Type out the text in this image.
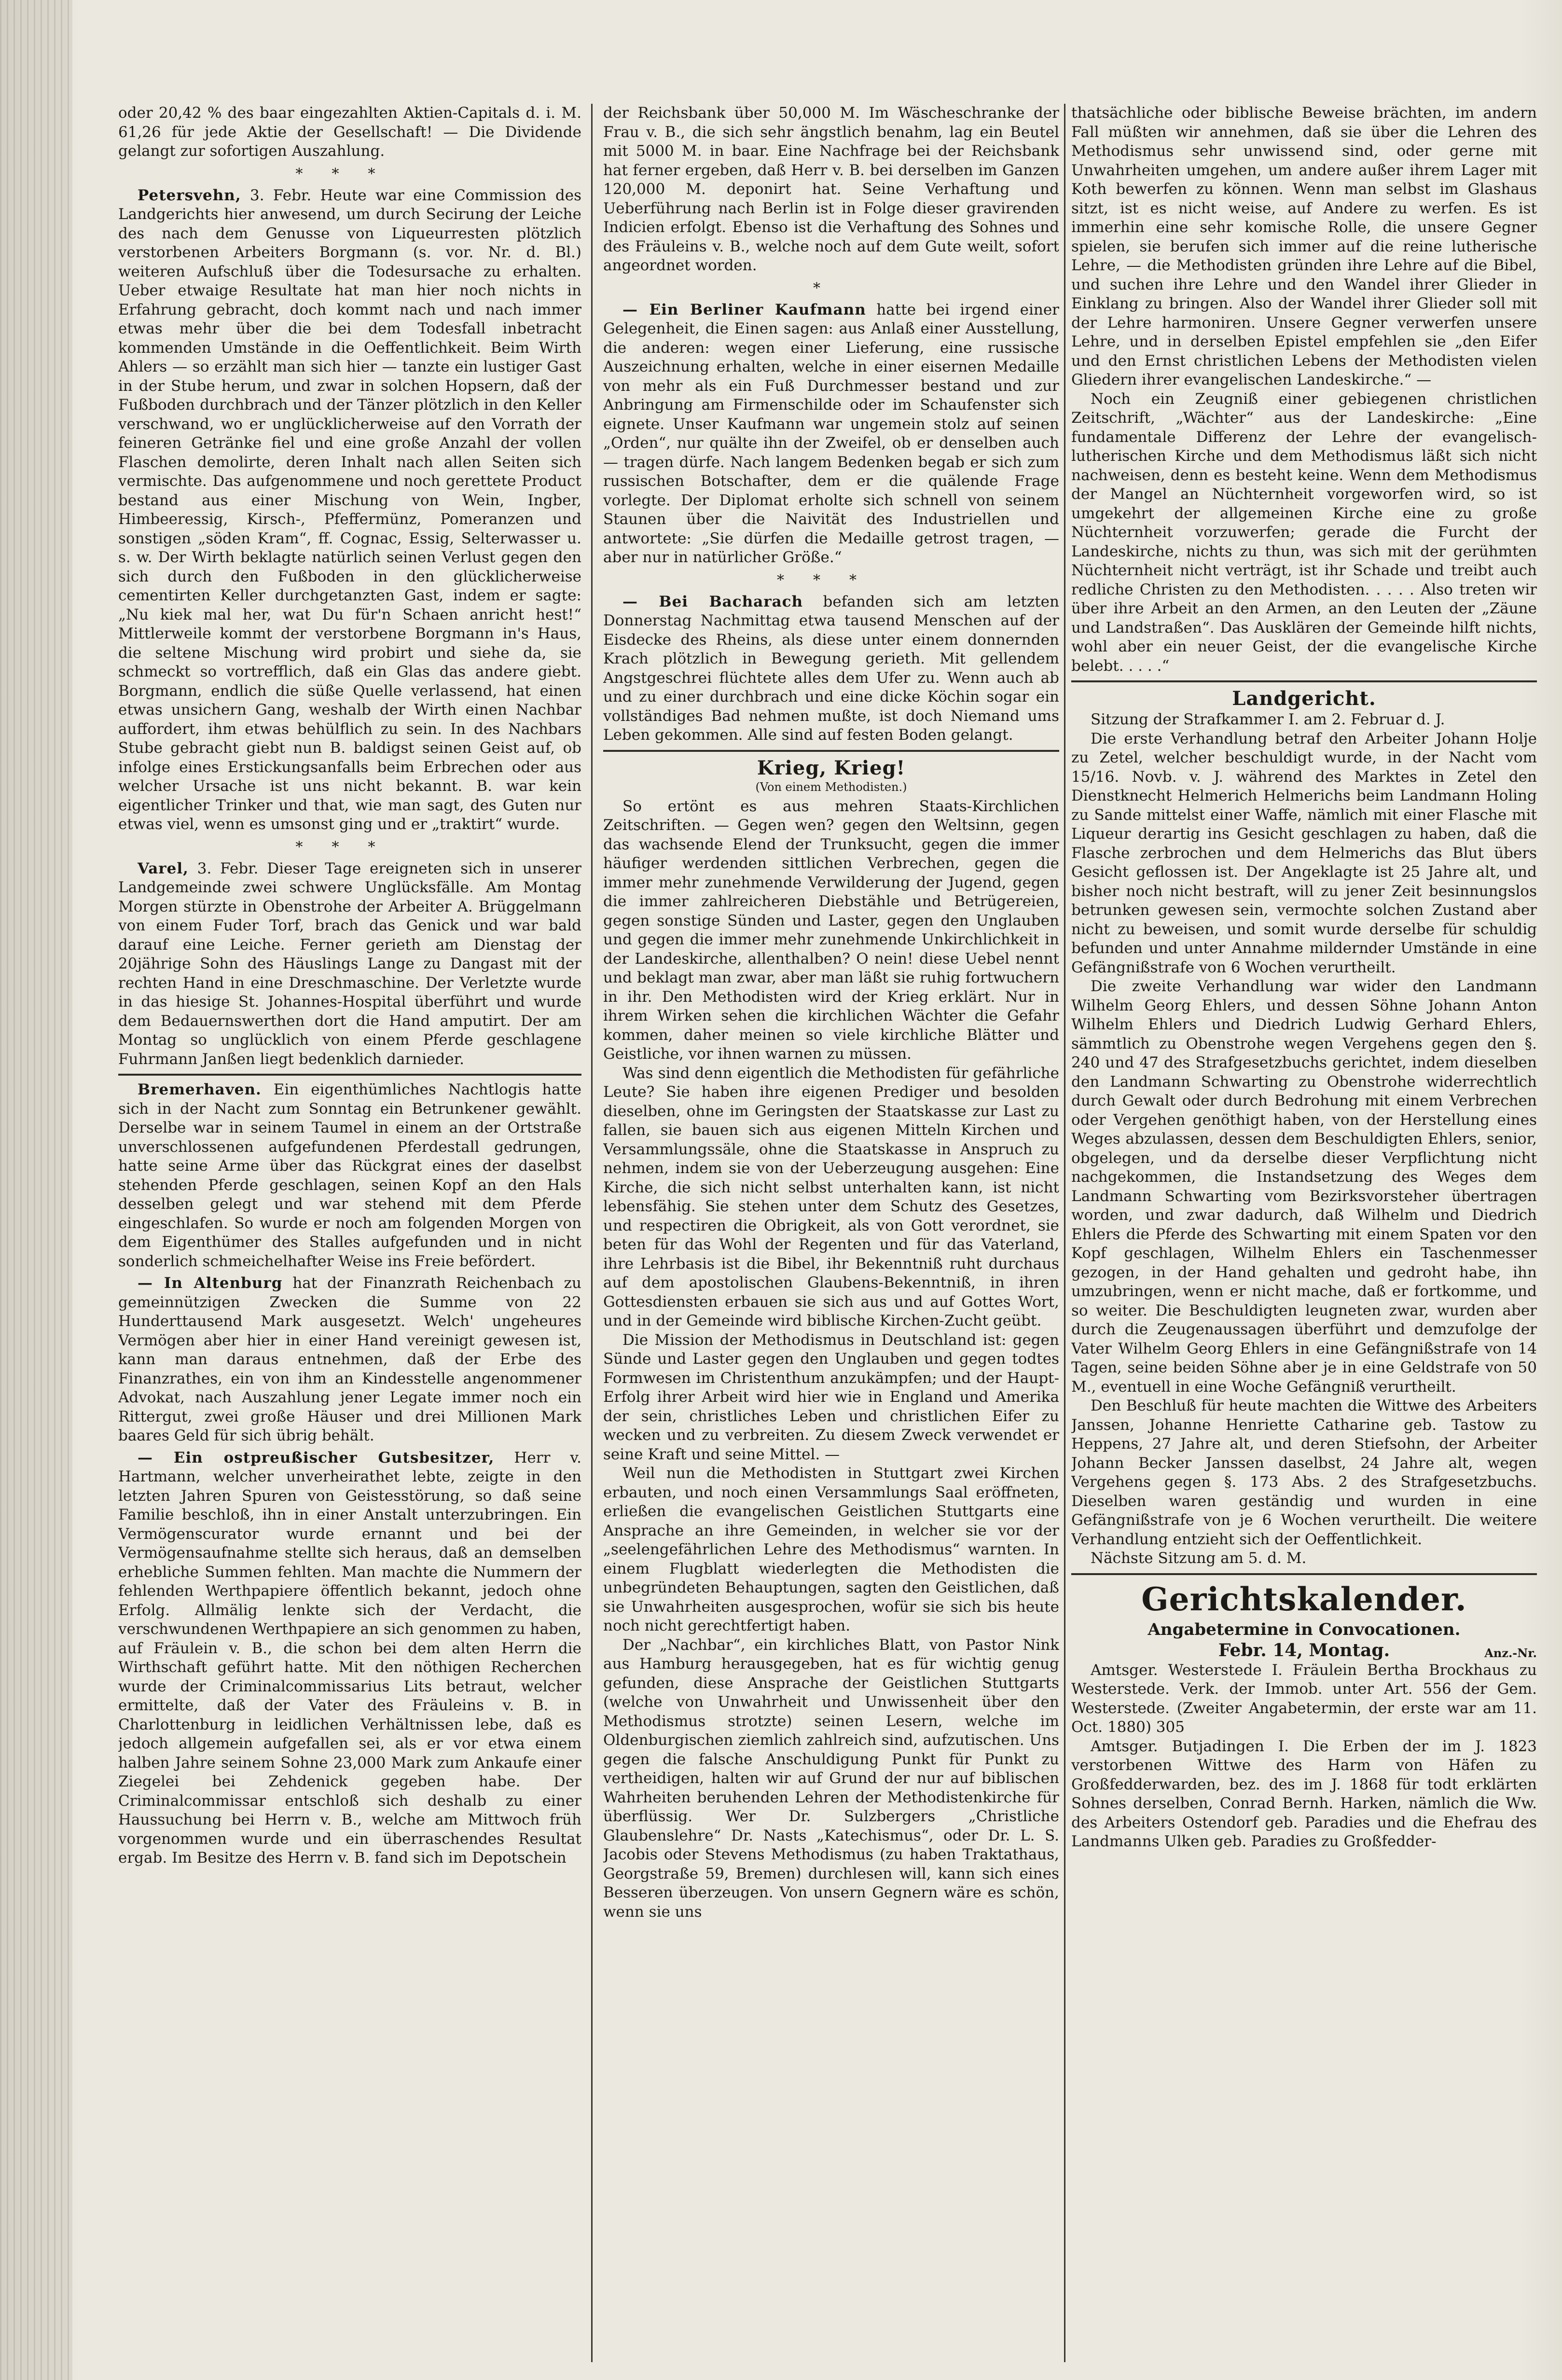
oder 20,42 % des baar eingezahlten Aktien-Capitals d. i. M. 61,26 für jede Aktie der Gesellschaft! — Die Dividende gelangt zur sofortigen Auszahlung.

***

Petersvehn, 3. Febr. Heute war eine Commission des Landgerichts hier anwesend, um durch Secirung der Leiche des nach dem Genusse von Liqueurresten plötzlich verstorbenen Arbeiters Borgmann (s. vor. Nr. d. Bl.) weiteren Aufschluß über die Todesursache zu erhalten. Ueber etwaige Resultate hat man hier noch nichts in Erfahrung gebracht, doch kommt nach und nach immer etwas mehr über die bei dem Todesfall inbetracht kommenden Umstände in die Oeffentlichkeit. Beim Wirth Ahlers — so erzählt man sich hier — tanzte ein lustiger Gast in der Stube herum, und zwar in solchen Hopsern, daß der Fußboden durchbrach und der Tänzer plötzlich in den Keller verschwand, wo er unglücklicherweise auf den Vorrath der feineren Getränke fiel und eine große Anzahl der vollen Flaschen demolirte, deren Inhalt nach allen Seiten sich vermischte. Das aufgenommene und noch gerettete Product bestand aus einer Mischung von Wein, Ingber, Himbeeressig, Kirsch-, Pfeffermünz, Pomeranzen und sonstigen „söden Kram“, ff. Cognac, Essig, Selterwasser u. s. w. Der Wirth beklagte natürlich seinen Verlust gegen den sich durch den Fußboden in den glücklicherweise cementirten Keller durchgetanzten Gast, indem er sagte: „Nu kiek mal her, wat Du für'n Schaen anricht hest!“ Mittlerweile kommt der verstorbene Borgmann in's Haus, die seltene Mischung wird probirt und siehe da, sie schmeckt so vortrefflich, daß ein Glas das andere giebt. Borgmann, endlich die süße Quelle verlassend, hat einen etwas unsichern Gang, weshalb der Wirth einen Nachbar auffordert, ihm etwas behülflich zu sein. In des Nachbars Stube gebracht giebt nun B. baldigst seinen Geist auf, ob infolge eines Erstickungsanfalls beim Erbrechen oder aus welcher Ursache ist uns nicht bekannt. B. war kein eigentlicher Trinker und that, wie man sagt, des Guten nur etwas viel, wenn es umsonst ging und er „traktirt“ wurde.

***

Varel, 3. Febr. Dieser Tage ereigneten sich in unserer Landgemeinde zwei schwere Unglücksfälle. Am Montag Morgen stürzte in Obenstrohe der Arbeiter A. Brüggelmann von einem Fuder Torf, brach das Genick und war bald darauf eine Leiche. Ferner gerieth am Dienstag der 20jährige Sohn des Häuslings Lange zu Dangast mit der rechten Hand in eine Dreschmaschine. Der Verletzte wurde in das hiesige St. Johannes-Hospital überführt und wurde dem Bedauernswerthen dort die Hand amputirt. Der am Montag so unglücklich von einem Pferde geschlagene Fuhrmann Janßen liegt bedenklich darnieder.

Bremerhaven. Ein eigenthümliches Nachtlogis hatte sich in der Nacht zum Sonntag ein Betrunkener gewählt. Derselbe war in seinem Taumel in einem an der Ortstraße unverschlossenen aufgefundenen Pferdestall gedrungen, hatte seine Arme über das Rückgrat eines der daselbst stehenden Pferde geschlagen, seinen Kopf an den Hals desselben gelegt und war stehend mit dem Pferde eingeschlafen. So wurde er noch am folgenden Morgen von dem Eigenthümer des Stalles aufgefunden und in nicht sonderlich schmeichelhafter Weise ins Freie befördert.

— In Altenburg hat der Finanzrath Reichenbach zu gemeinnützigen Zwecken die Summe von 22 Hunderttausend Mark ausgesetzt. Welch' ungeheures Vermögen aber hier in einer Hand vereinigt gewesen ist, kann man daraus entnehmen, daß der Erbe des Finanzrathes, ein von ihm an Kindesstelle angenommener Advokat, nach Auszahlung jener Legate immer noch ein Rittergut, zwei große Häuser und drei Millionen Mark baares Geld für sich übrig behält.

— Ein ostpreußischer Gutsbesitzer, Herr v. Hartmann, welcher unverheirathet lebte, zeigte in den letzten Jahren Spuren von Geistesstörung, so daß seine Familie beschloß, ihn in einer Anstalt unterzubringen. Ein Vermögenscurator wurde ernannt und bei der Vermögensaufnahme stellte sich heraus, daß an demselben erhebliche Summen fehlten. Man machte die Nummern der fehlenden Werthpapiere öffentlich bekannt, jedoch ohne Erfolg. Allmälig lenkte sich der Verdacht, die verschwundenen Werthpapiere an sich genommen zu haben, auf Fräulein v. B., die schon bei dem alten Herrn die Wirthschaft geführt hatte. Mit den nöthigen Recherchen wurde der Criminalcommissarius Lits betraut, welcher ermittelte, daß der Vater des Fräuleins v. B. in Charlottenburg in leidlichen Verhältnissen lebe, daß es jedoch allgemein aufgefallen sei, als er vor etwa einem halben Jahre seinem Sohne 23,000 Mark zum Ankaufe einer Ziegelei bei Zehdenick gegeben habe. Der Criminalcommissar entschloß sich deshalb zu einer Haussuchung bei Herrn v. B., welche am Mittwoch früh vorgenommen wurde und ein überraschendes Resultat ergab. Im Besitze des Herrn v. B. fand sich im Depotschein

der Reichsbank über 50,000 M. Im Wäscheschranke der Frau v. B., die sich sehr ängstlich benahm, lag ein Beutel mit 5000 M. in baar. Eine Nachfrage bei der Reichsbank hat ferner ergeben, daß Herr v. B. bei derselben im Ganzen 120,000 M. deponirt hat. Seine Verhaftung und Ueberführung nach Berlin ist in Folge dieser gravirenden Indicien erfolgt. Ebenso ist die Verhaftung des Sohnes und des Fräuleins v. B., welche noch auf dem Gute weilt, sofort angeordnet worden.

*

— Ein Berliner Kaufmann hatte bei irgend einer Gelegenheit, die Einen sagen: aus Anlaß einer Ausstellung, die anderen: wegen einer Lieferung, eine russische Auszeichnung erhalten, welche in einer eisernen Medaille von mehr als ein Fuß Durchmesser bestand und zur Anbringung am Firmenschilde oder im Schaufenster sich eignete. Unser Kaufmann war ungemein stolz auf seinen „Orden“, nur quälte ihn der Zweifel, ob er denselben auch — tragen dürfe. Nach langem Bedenken begab er sich zum russischen Botschafter, dem er die quälende Frage vorlegte. Der Diplomat erholte sich schnell von seinem Staunen über die Naivität des Industriellen und antwortete: „Sie dürfen die Medaille getrost tragen, — aber nur in natürlicher Größe.“

***

— Bei Bacharach befanden sich am letzten Donnerstag Nachmittag etwa tausend Menschen auf der Eisdecke des Rheins, als diese unter einem donnernden Krach plötzlich in Bewegung gerieth. Mit gellendem Angstgeschrei flüchtete alles dem Ufer zu. Wenn auch ab und zu einer durchbrach und eine dicke Köchin sogar ein vollständiges Bad nehmen mußte, ist doch Niemand ums Leben gekommen. Alle sind auf festen Boden gelangt.

Krieg, Krieg!
(Von einem Methodisten.)

So ertönt es aus mehren Staats-Kirchlichen Zeitschriften. — Gegen wen? gegen den Weltsinn, gegen das wachsende Elend der Trunksucht, gegen die immer häufiger werdenden sittlichen Verbrechen, gegen die immer mehr zunehmende Verwilderung der Jugend, gegen die immer zahlreicheren Diebstähle und Betrügereien, gegen sonstige Sünden und Laster, gegen den Unglauben und gegen die immer mehr zunehmende Unkirchlichkeit in der Landeskirche, allenthalben? O nein! diese Uebel nennt und beklagt man zwar, aber man läßt sie ruhig fortwuchern in ihr. Den Methodisten wird der Krieg erklärt. Nur in ihrem Wirken sehen die kirchlichen Wächter die Gefahr kommen, daher meinen so viele kirchliche Blätter und Geistliche, vor ihnen warnen zu müssen.

Was sind denn eigentlich die Methodisten für gefährliche Leute? Sie haben ihre eigenen Prediger und besolden dieselben, ohne im Geringsten der Staatskasse zur Last zu fallen, sie bauen sich aus eigenen Mitteln Kirchen und Versammlungssäle, ohne die Staatskasse in Anspruch zu nehmen, indem sie von der Ueberzeugung ausgehen: Eine Kirche, die sich nicht selbst unterhalten kann, ist nicht lebensfähig. Sie stehen unter dem Schutz des Gesetzes, und respectiren die Obrigkeit, als von Gott verordnet, sie beten für das Wohl der Regenten und für das Vaterland, ihre Lehrbasis ist die Bibel, ihr Bekenntniß ruht durchaus auf dem apostolischen Glaubens-Bekenntniß, in ihren Gottesdiensten erbauen sie sich aus und auf Gottes Wort, und in der Gemeinde wird biblische Kirchen-Zucht geübt.

Die Mission der Methodismus in Deutschland ist: gegen Sünde und Laster gegen den Unglauben und gegen todtes Formwesen im Christenthum anzukämpfen; und der Haupt-Erfolg ihrer Arbeit wird hier wie in England und Amerika der sein, christliches Leben und christlichen Eifer zu wecken und zu verbreiten. Zu diesem Zweck verwendet er seine Kraft und seine Mittel. —

Weil nun die Methodisten in Stuttgart zwei Kirchen erbauten, und noch einen Versammlungs Saal eröffneten, erließen die evangelischen Geistlichen Stuttgarts eine Ansprache an ihre Gemeinden, in welcher sie vor der „seelengefährlichen Lehre des Methodismus“ warnten. In einem Flugblatt wiederlegten die Methodisten die unbegründeten Behauptungen, sagten den Geistlichen, daß sie Unwahrheiten ausgesprochen, wofür sie sich bis heute noch nicht gerechtfertigt haben.

Der „Nachbar“, ein kirchliches Blatt, von Pastor Nink aus Hamburg herausgegeben, hat es für wichtig genug gefunden, diese Ansprache der Geistlichen Stuttgarts (welche von Unwahrheit und Unwissenheit über den Methodismus strotzte) seinen Lesern, welche im Oldenburgischen ziemlich zahlreich sind, aufzutischen. Uns gegen die falsche Anschuldigung Punkt für Punkt zu vertheidigen, halten wir auf Grund der nur auf biblischen Wahrheiten beruhenden Lehren der Methodistenkirche für überflüssig. Wer Dr. Sulzbergers „Christliche Glaubenslehre“ Dr. Nasts „Katechismus“, oder Dr. L. S. Jacobis oder Stevens Methodismus (zu haben Traktathaus, Georgstraße 59, Bremen) durchlesen will, kann sich eines Besseren überzeugen. Von unsern Gegnern wäre es schön, wenn sie uns

thatsächliche oder biblische Beweise brächten, im andern Fall müßten wir annehmen, daß sie über die Lehren des Methodismus sehr unwissend sind, oder gerne mit Unwahrheiten umgehen, um andere außer ihrem Lager mit Koth bewerfen zu können. Wenn man selbst im Glashaus sitzt, ist es nicht weise, auf Andere zu werfen. Es ist immerhin eine sehr komische Rolle, die unsere Gegner spielen, sie berufen sich immer auf die reine lutherische Lehre, — die Methodisten gründen ihre Lehre auf die Bibel, und suchen ihre Lehre und den Wandel ihrer Glieder in Einklang zu bringen. Also der Wandel ihrer Glieder soll mit der Lehre harmoniren. Unsere Gegner verwerfen unsere Lehre, und in derselben Epistel empfehlen sie „den Eifer und den Ernst christlichen Lebens der Methodisten vielen Gliedern ihrer evangelischen Landeskirche.“ —

Noch ein Zeugniß einer gebiegenen christlichen Zeitschrift, „Wächter“ aus der Landeskirche: „Eine fundamentale Differenz der Lehre der evangelisch-lutherischen Kirche und dem Methodismus läßt sich nicht nachweisen, denn es besteht keine. Wenn dem Methodismus der Mangel an Nüchternheit vorgeworfen wird, so ist umgekehrt der allgemeinen Kirche eine zu große Nüchternheit vorzuwerfen; gerade die Furcht der Landeskirche, nichts zu thun, was sich mit der gerühmten Nüchternheit nicht verträgt, ist ihr Schade und treibt auch redliche Christen zu den Methodisten. . . . . Also treten wir über ihre Arbeit an den Armen, an den Leuten der „Zäune und Landstraßen“. Das Ausklären der Gemeinde hilft nichts, wohl aber ein neuer Geist, der die evangelische Kirche belebt. . . . .“

Landgericht.

Sitzung der Strafkammer I. am 2. Februar d. J.

Die erste Verhandlung betraf den Arbeiter Johann Holje zu Zetel, welcher beschuldigt wurde, in der Nacht vom 15/16. Novb. v. J. während des Marktes in Zetel den Dienstknecht Helmerich Helmerichs beim Landmann Holing zu Sande mittelst einer Waffe, nämlich mit einer Flasche mit Liqueur derartig ins Gesicht geschlagen zu haben, daß die Flasche zerbrochen und dem Helmerichs das Blut übers Gesicht geflossen ist. Der Angeklagte ist 25 Jahre alt, und bisher noch nicht bestraft, will zu jener Zeit besinnungslos betrunken gewesen sein, vermochte solchen Zustand aber nicht zu beweisen, und somit wurde derselbe für schuldig befunden und unter Annahme mildernder Umstände in eine Gefängnißstrafe von 6 Wochen verurtheilt.

Die zweite Verhandlung war wider den Landmann Wilhelm Georg Ehlers, und dessen Söhne Johann Anton Wilhelm Ehlers und Diedrich Ludwig Gerhard Ehlers, sämmtlich zu Obenstrohe wegen Vergehens gegen den §. 240 und 47 des Strafgesetzbuchs gerichtet, indem dieselben den Landmann Schwarting zu Obenstrohe widerrechtlich durch Gewalt oder durch Bedrohung mit einem Verbrechen oder Vergehen genöthigt haben, von der Herstellung eines Weges abzulassen, dessen dem Beschuldigten Ehlers, senior, obgelegen, und da derselbe dieser Verpflichtung nicht nachgekommen, die Instandsetzung des Weges dem Landmann Schwarting vom Bezirksvorsteher übertragen worden, und zwar dadurch, daß Wilhelm und Diedrich Ehlers die Pferde des Schwarting mit einem Spaten vor den Kopf geschlagen, Wilhelm Ehlers ein Taschenmesser gezogen, in der Hand gehalten und gedroht habe, ihn umzubringen, wenn er nicht mache, daß er fortkomme, und so weiter. Die Beschuldigten leugneten zwar, wurden aber durch die Zeugenaussagen überführt und demzufolge der Vater Wilhelm Georg Ehlers in eine Gefängnißstrafe von 14 Tagen, seine beiden Söhne aber je in eine Geldstrafe von 50 M., eventuell in eine Woche Gefängniß verurtheilt.

Den Beschluß für heute machten die Wittwe des Arbeiters Janssen, Johanne Henriette Catharine geb. Tastow zu Heppens, 27 Jahre alt, und deren Stiefsohn, der Arbeiter Johann Becker Janssen daselbst, 24 Jahre alt, wegen Vergehens gegen §. 173 Abs. 2 des Strafgesetzbuchs. Dieselben waren geständig und wurden in eine Gefängnißstrafe von je 6 Wochen verurtheilt. Die weitere Verhandlung entzieht sich der Oeffentlichkeit.

Nächste Sitzung am 5. d. M.

Gerichtskalender.
Angabetermine in Convocationen.
Febr. 14, Montag.	Anz.-Nr.

Amtsger. Westerstede I. Fräulein Bertha Brockhaus zu Westerstede. Verk. der Immob. unter Art. 556 der Gem. Westerstede. (Zweiter Angabetermin, der erste war am 11. Oct. 1880) 305

Amtsger. Butjadingen I. Die Erben der im J. 1823 verstorbenen Wittwe des Harm von Häfen zu Großfedderwarden, bez. des im J. 1868 für todt erklärten Sohnes derselben, Conrad Bernh. Harken, nämlich die Ww. des Arbeiters Ostendorf geb. Paradies und die Ehefrau des Landmanns Ulken geb. Paradies zu Großfedder-
